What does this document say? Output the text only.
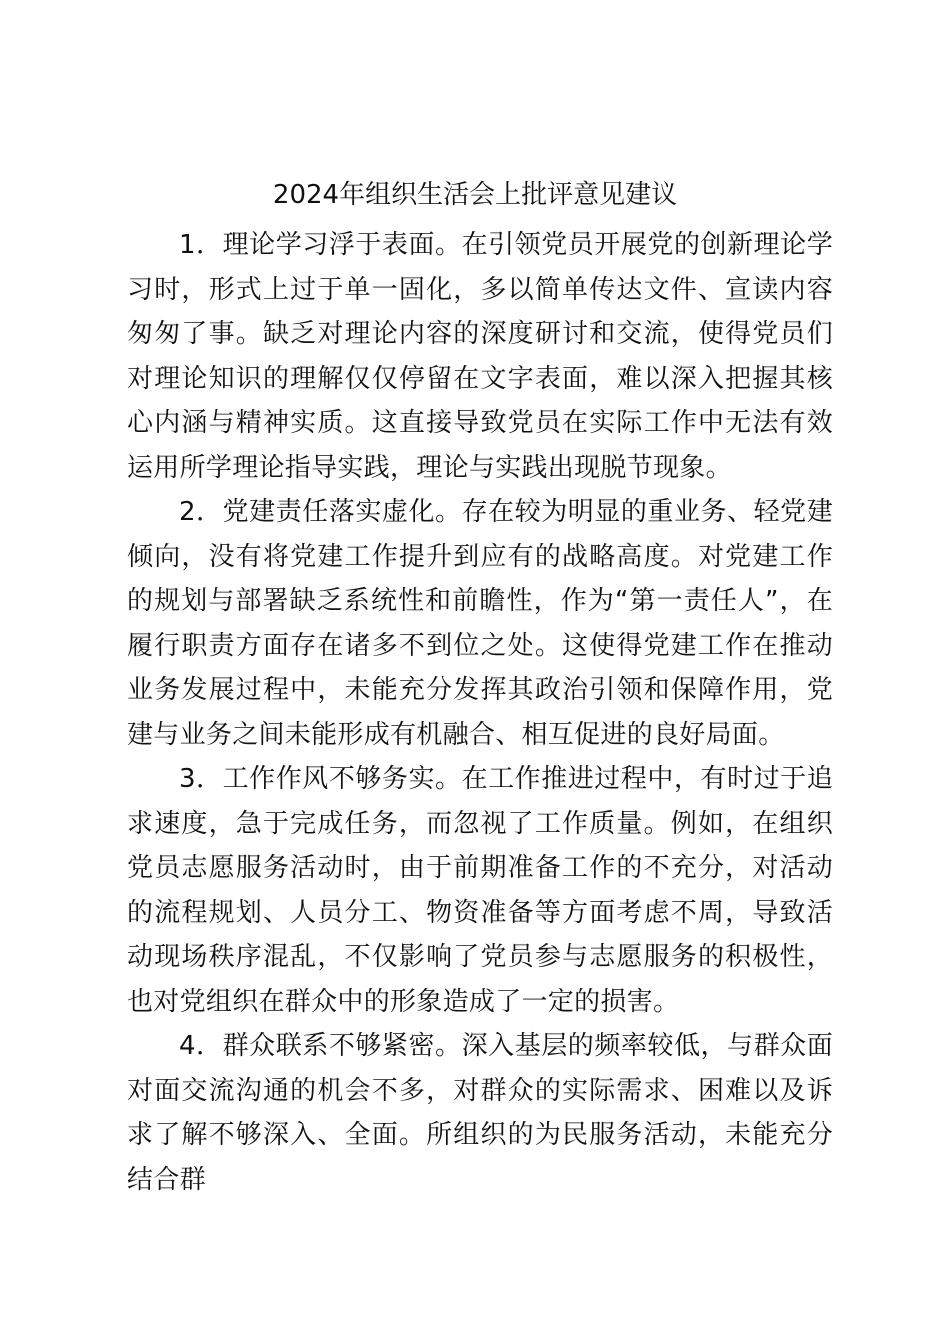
2024年组织生活会上批评意见建议

1．理论学习浮于表面。在引领党员开展党的创新理论学习时，形式上过于单一固化，多以简单传达文件、宣读内容匆匆了事。缺乏对理论内容的深度研讨和交流，使得党员们对理论知识的理解仅仅停留在文字表面，难以深入把握其核心内涵与精神实质。这直接导致党员在实际工作中无法有效运用所学理论指导实践，理论与实践出现脱节现象。

2．党建责任落实虚化。存在较为明显的重业务、轻党建倾向，没有将党建工作提升到应有的战略高度。对党建工作的规划与部署缺乏系统性和前瞻性，作为“第一责任人”，在履行职责方面存在诸多不到位之处。这使得党建工作在推动业务发展过程中，未能充分发挥其政治引领和保障作用，党建与业务之间未能形成有机融合、相互促进的良好局面。

3．工作作风不够务实。在工作推进过程中，有时过于追求速度，急于完成任务，而忽视了工作质量。例如，在组织党员志愿服务活动时，由于前期准备工作的不充分，对活动的流程规划、人员分工、物资准备等方面考虑不周，导致活动现场秩序混乱，不仅影响了党员参与志愿服务的积极性，也对党组织在群众中的形象造成了一定的损害。

4．群众联系不够紧密。深入基层的频率较低，与群众面对面交流沟通的机会不多，对群众的实际需求、困难以及诉求了解不够深入、全面。所组织的为民服务活动，未能充分结合群
